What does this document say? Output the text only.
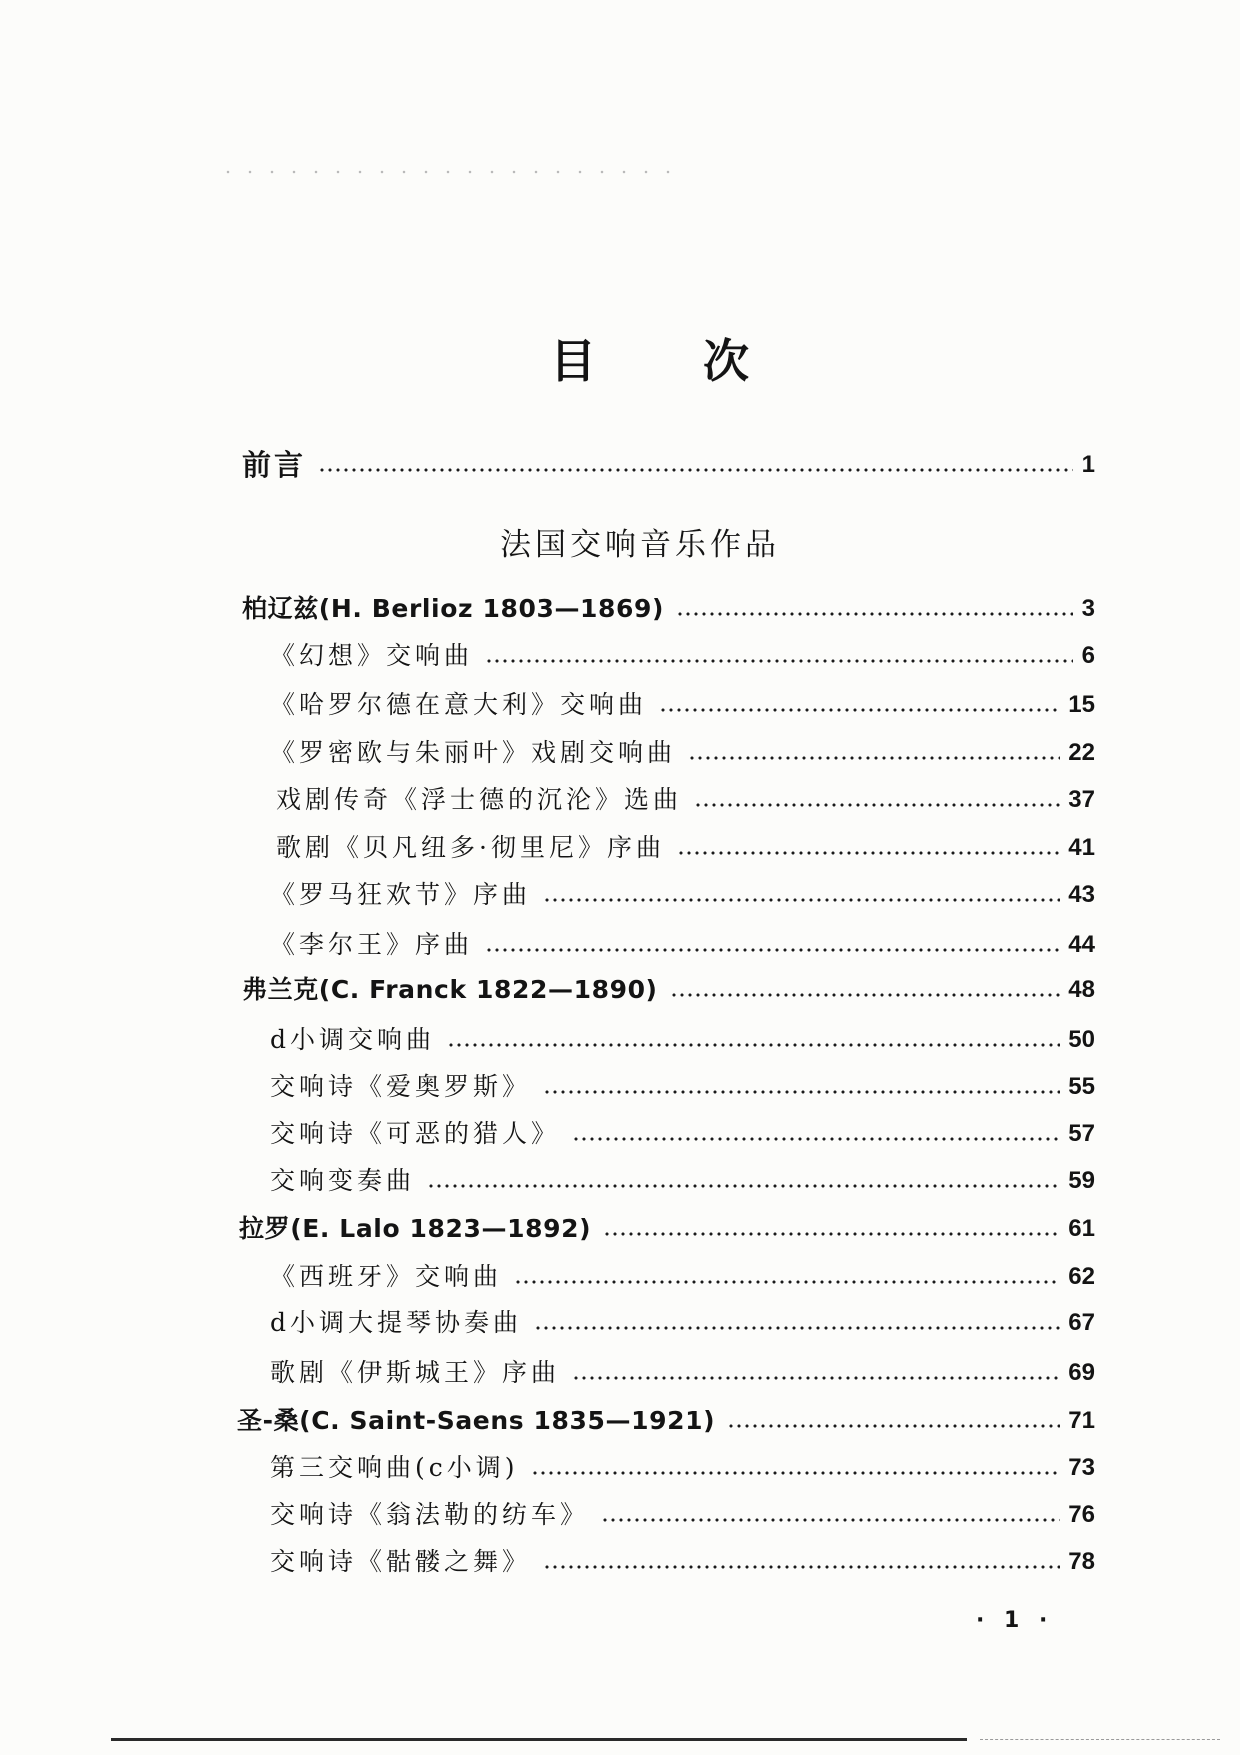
目 次
前言	1
法国交响音乐作品
柏辽兹(H. Berlioz 1803—1869)	3
《幻想》交响曲	6
《哈罗尔德在意大利》交响曲	15
《罗密欧与朱丽叶》戏剧交响曲	22
戏剧传奇《浮士德的沉沦》选曲	37
歌剧《贝凡纽多·彻里尼》序曲	41
《罗马狂欢节》序曲	43
《李尔王》序曲	44
弗兰克(C. Franck 1822—1890)	48
d小调交响曲	50
交响诗《爱奥罗斯》	55
交响诗《可恶的猎人》	57
交响变奏曲	59
拉罗(E. Lalo 1823—1892)	61
《西班牙》交响曲	62
d小调大提琴协奏曲	67
歌剧《伊斯城王》序曲	69
圣-桑(C. Saint-Saens 1835—1921)	71
第三交响曲(c小调)	73
交响诗《翁法勒的纺车》	76
交响诗《骷髅之舞》	78
· 1 ·
